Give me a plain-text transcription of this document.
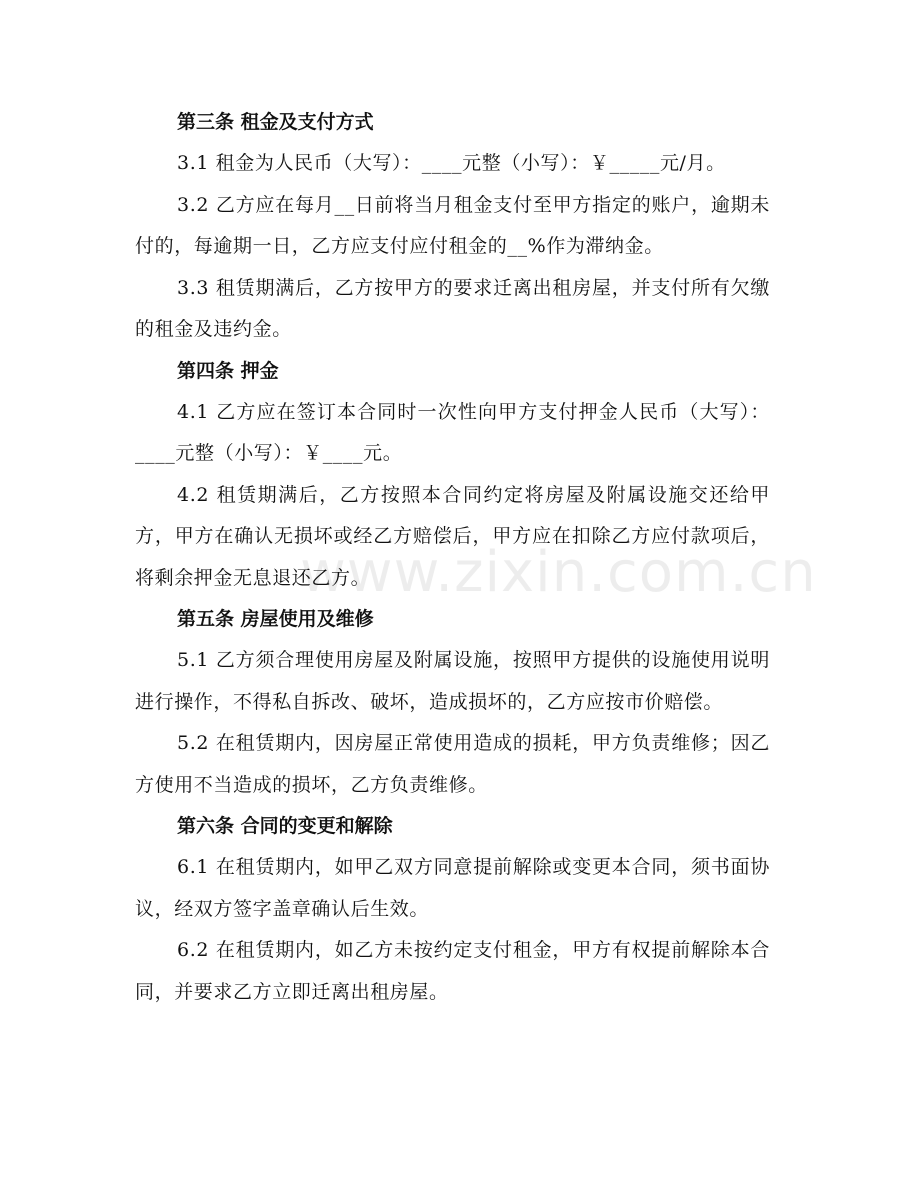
www.zixin.com.cn

第三条 租金及支付方式

3.1 租金为人民币（大写）：____元整（小写）：￥_____元/月。

3.2 乙方应在每月__日前将当月租金支付至甲方指定的账户，逾期未付的，每逾期一日，乙方应支付应付租金的__%作为滞纳金。

3.3 租赁期满后，乙方按甲方的要求迁离出租房屋，并支付所有欠缴的租金及违约金。

第四条 押金

4.1 乙方应在签订本合同时一次性向甲方支付押金人民币（大写）：____元整（小写）：￥____元。

4.2 租赁期满后，乙方按照本合同约定将房屋及附属设施交还给甲方，甲方在确认无损坏或经乙方赔偿后，甲方应在扣除乙方应付款项后，将剩余押金无息退还乙方。

第五条 房屋使用及维修

5.1 乙方须合理使用房屋及附属设施，按照甲方提供的设施使用说明进行操作，不得私自拆改、破坏，造成损坏的，乙方应按市价赔偿。

5.2 在租赁期内，因房屋正常使用造成的损耗，甲方负责维修；因乙方使用不当造成的损坏，乙方负责维修。

第六条 合同的变更和解除

6.1 在租赁期内，如甲乙双方同意提前解除或变更本合同，须书面协议，经双方签字盖章确认后生效。

6.2 在租赁期内，如乙方未按约定支付租金，甲方有权提前解除本合同，并要求乙方立即迁离出租房屋。
